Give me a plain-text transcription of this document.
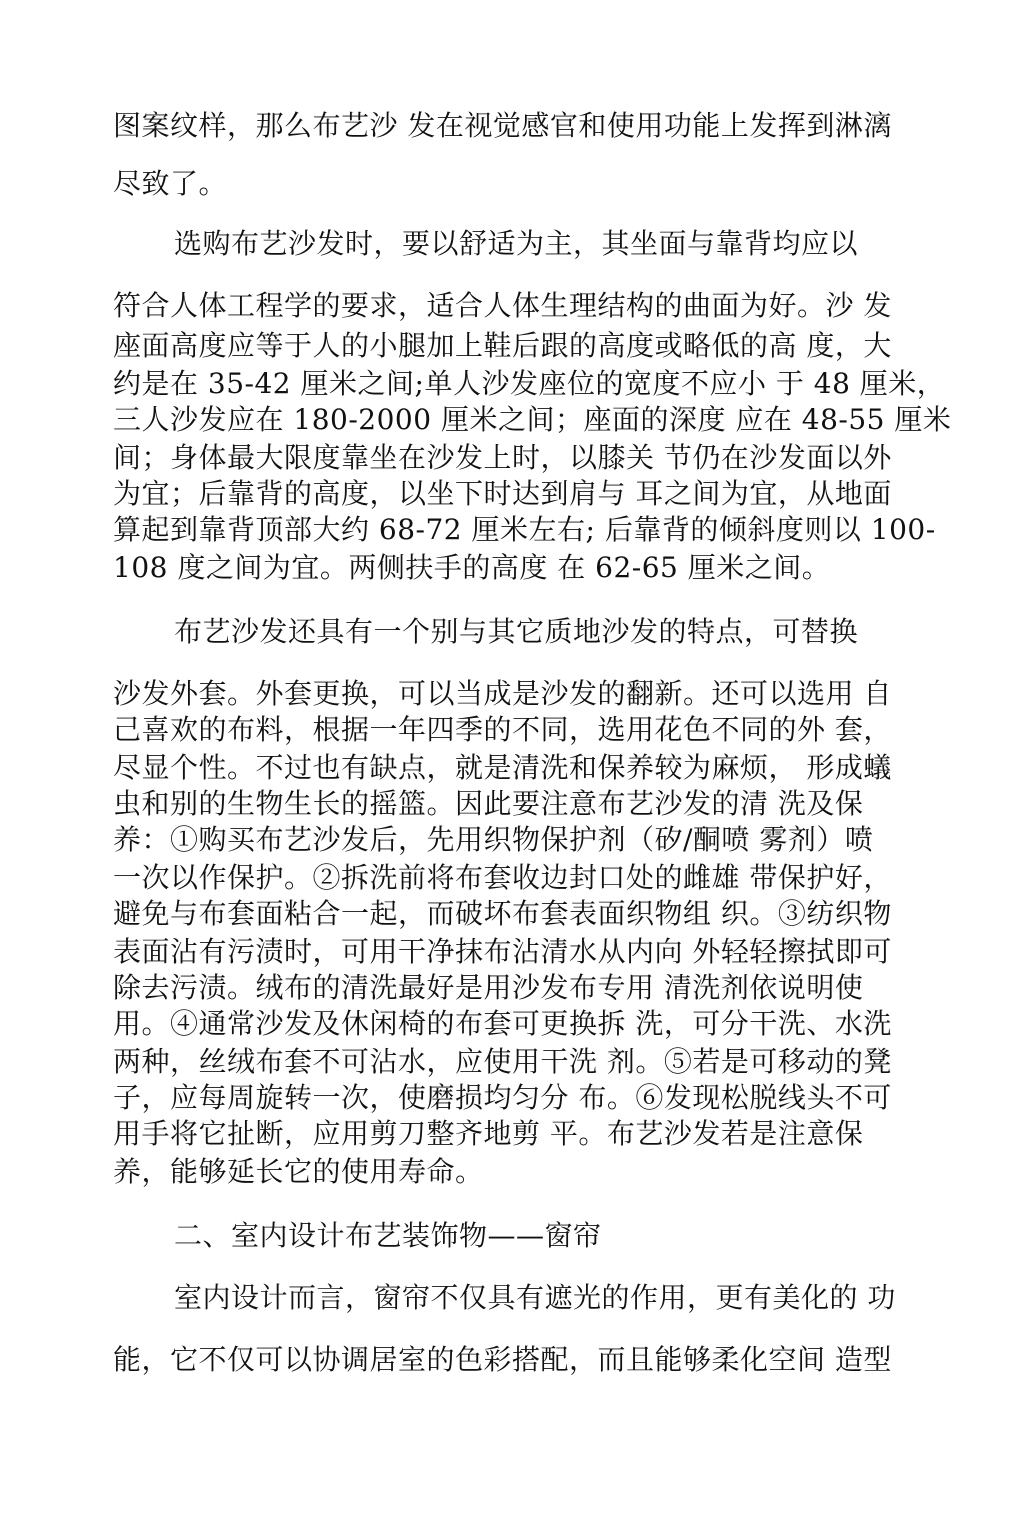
图案纹样，那么布艺沙 发在视觉感官和使用功能上发挥到淋漓
尽致了。
选购布艺沙发时，要以舒适为主，其坐面与靠背均应以
符合人体工程学的要求，适合人体生理结构的曲面为好。沙 发
座面高度应等于人的小腿加上鞋后跟的高度或略低的高 度，大
约是在 35-42 厘米之间;单人沙发座位的宽度不应小 于 48 厘米，
三人沙发应在 180-2000 厘米之间；座面的深度 应在 48-55 厘米
间；身体最大限度靠坐在沙发上时，以膝关 节仍在沙发面以外
为宜；后靠背的高度，以坐下时达到肩与 耳之间为宜，从地面
算起到靠背顶部大约 68-72 厘米左右; 后靠背的倾斜度则以 100-
108 度之间为宜。两侧扶手的高度 在 62-65 厘米之间。
布艺沙发还具有一个别与其它质地沙发的特点，可替换
沙发外套。外套更换，可以当成是沙发的翻新。还可以选用 自
己喜欢的布料，根据一年四季的不同，选用花色不同的外 套，
尽显个性。不过也有缺点，就是清洗和保养较为麻烦， 形成蟻
虫和别的生物生长的摇篮。因此要注意布艺沙发的清 洗及保
养：①购买布艺沙发后，先用织物保护剂（矽/酮喷 雾剂）喷
一次以作保护。②拆洗前将布套收边封口处的雌雄 带保护好，
避免与布套面粘合一起，而破坏布套表面织物组 织。③纺织物
表面沾有污渍时，可用干净抹布沾清水从内向 外轻轻擦拭即可
除去污渍。绒布的清洗最好是用沙发布专用 清洗剂依说明使
用。④通常沙发及休闲椅的布套可更换拆 洗，可分干洗、水洗
两种，丝绒布套不可沾水，应使用干洗 剂。⑤若是可移动的凳
子，应每周旋转一次，使磨损均匀分 布。⑥发现松脱线头不可
用手将它扯断，应用剪刀整齐地剪 平。布艺沙发若是注意保
养，能够延长它的使用寿命。
二、室内设计布艺装饰物——窗帘
室内设计而言，窗帘不仅具有遮光的作用，更有美化的 功
能，它不仅可以协调居室的色彩搭配，而且能够柔化空间 造型
